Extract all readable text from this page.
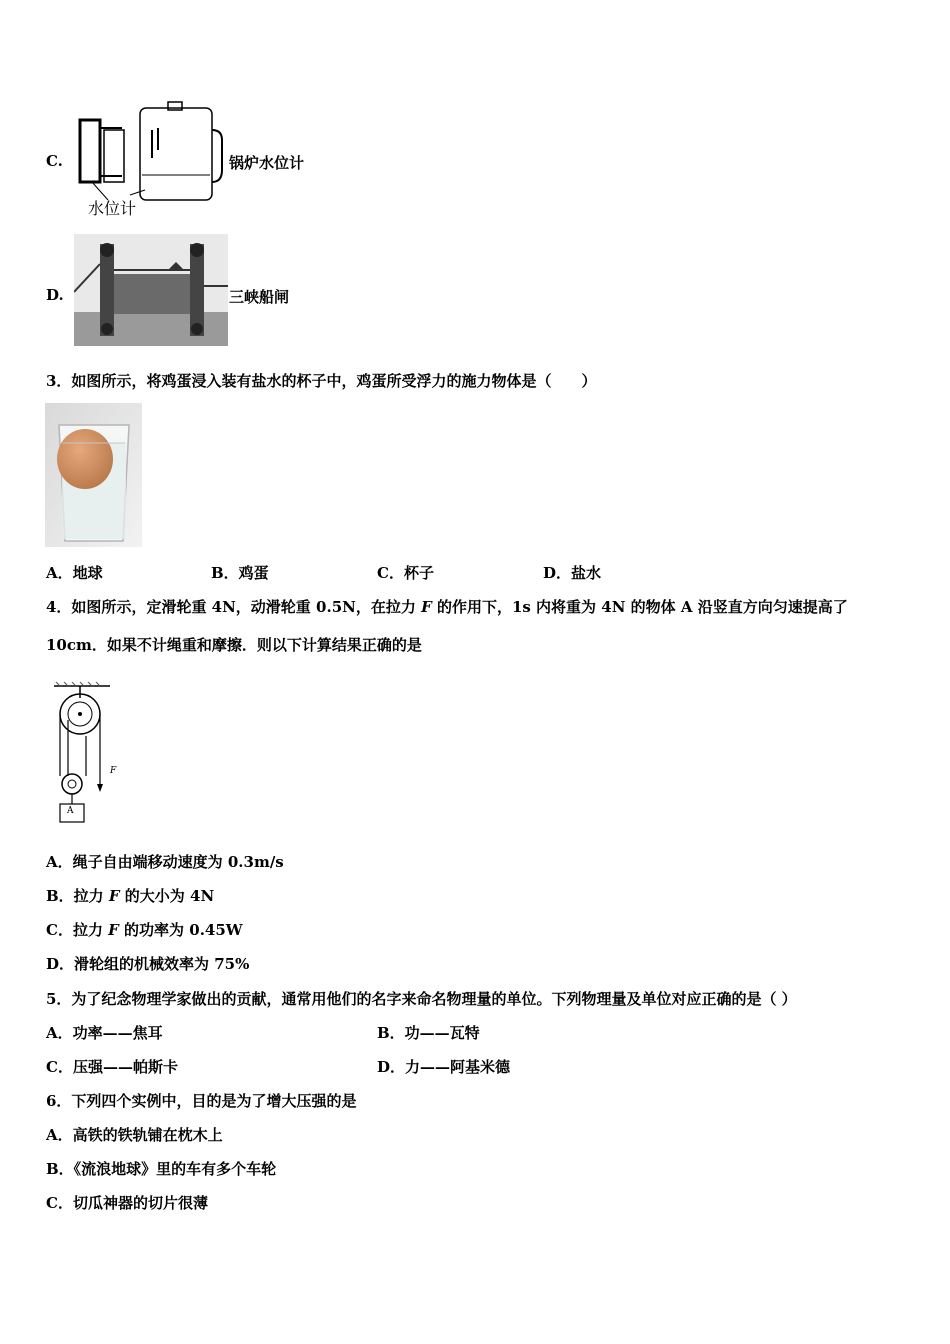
C.
水位计
锅炉水位计
D.	三峡船闸
3．如图所示，将鸡蛋浸入装有盐水的杯子中，鸡蛋所受浮力的施力物体是（　　）
A．地球	B．鸡蛋	C．杯子	D．盐水
4．如图所示，定滑轮重 4N，动滑轮重 0.5N，在拉力 F 的作用下，1s 内将重为 4N 的物体 A 沿竖直方向匀速提高了
10cm．如果不计绳重和摩擦．则以下计算结果正确的是
A
F
A．绳子自由端移动速度为 0.3m/s
B．拉力 F 的大小为 4N
C．拉力 F 的功率为 0.45W
D．滑轮组的机械效率为 75%
5．为了纪念物理学家做出的贡献，通常用他们的名字来命名物理量的单位。下列物理量及单位对应正确的是（ ）
A．功率——焦耳	B．功——瓦特
C．压强——帕斯卡	D．力——阿基米德
6．下列四个实例中，目的是为了增大压强的是
A．高铁的铁轨铺在枕木上
B．《流浪地球》里的车有多个车轮
C．切瓜神器的切片很薄
